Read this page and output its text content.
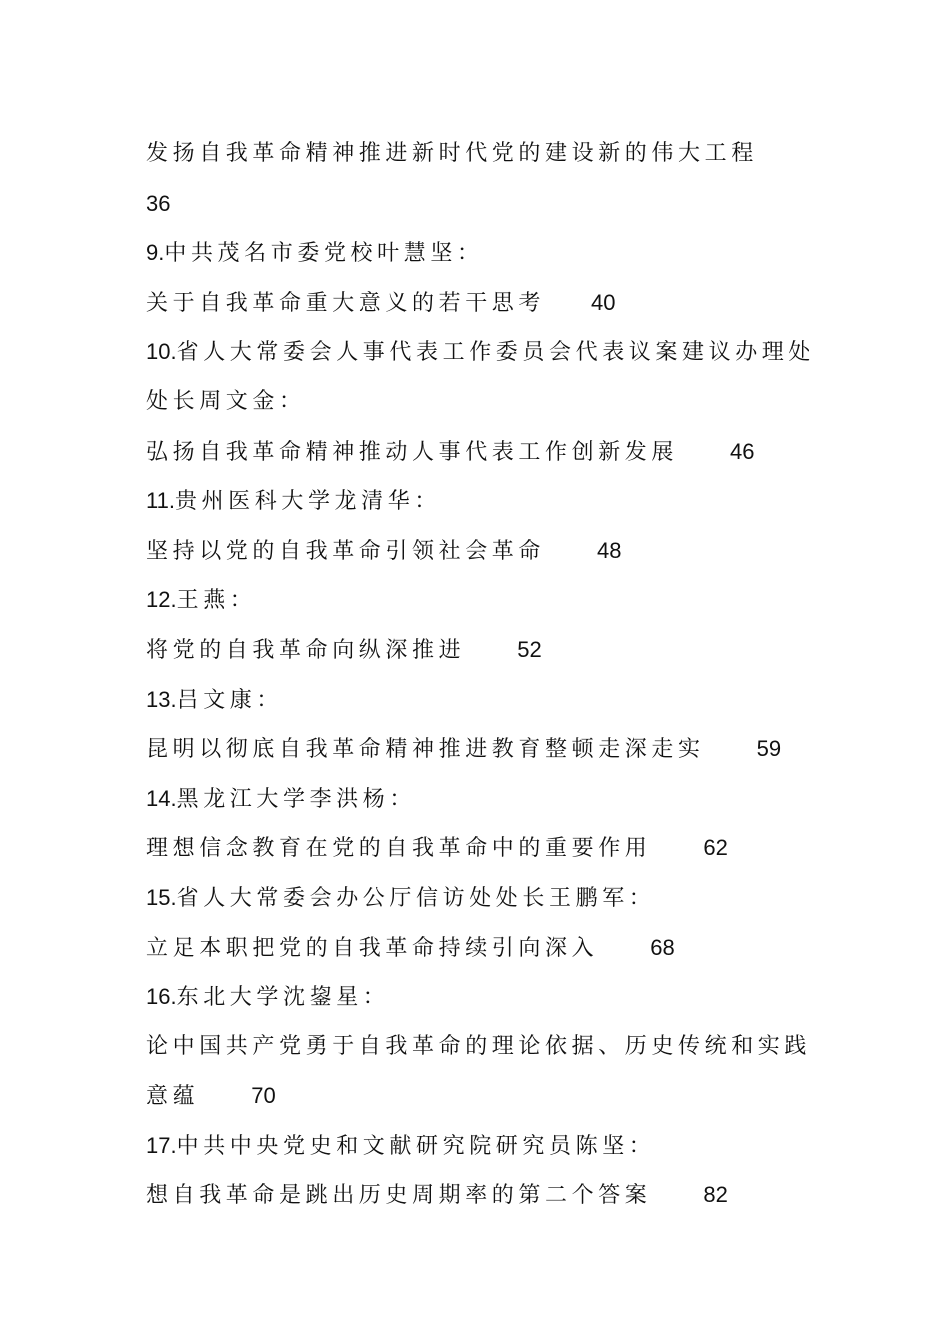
发扬自我革命精神推进新时代党的建设新的伟大工程
36
9.中共茂名市委党校叶慧坚：
关于自我革命重大意义的若干思考 40
10.省人大常委会人事代表工作委员会代表议案建议办理处
处长周文金：
弘扬自我革命精神推动人事代表工作创新发展 46
11.贵州医科大学龙清华：
坚持以党的自我革命引领社会革命 48
12.王燕：
将党的自我革命向纵深推进 52
13.吕文康：
昆明以彻底自我革命精神推进教育整顿走深走实 59
14.黑龙江大学李洪杨：
理想信念教育在党的自我革命中的重要作用 62
15.省人大常委会办公厅信访处处长王鹏军：
立足本职把党的自我革命持续引向深入 68
16.东北大学沈鋆星：
论中国共产党勇于自我革命的理论依据、历史传统和实践
意蕴 70
17.中共中央党史和文献研究院研究员陈坚：
想自我革命是跳出历史周期率的第二个答案 82
